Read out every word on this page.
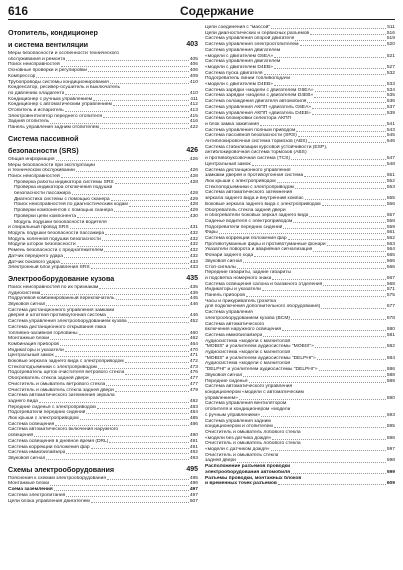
616	Содержание
Отопитель, кондиционер
и система вентиляции	403
Меры безопасности и особенности технического
обслуживания и ремонта	405
Поиск неисправностей	406
Основные проверки и регулировки	406
Компрессор	409
Трубопроводы системы кондиционирования	410
Конденсатор, ресивер-осушитель и выключатель
по давлению хладагента	410
Кондиционер с ручным управлением	411
Кондиционер с автоматическим управлением	412
Отопитель и испаритель	413
Электровентилятор переднего отопителя	415
Задний отопитель	416
Панель управления задним отопителем	422
Система пассивной
безопасности (SRS)	426
Общая информация	426
Меры безопасности при эксплуатации
и техническом обслуживании	426
Поиск неисправностей	428
Проверка работы индикатора системы SRS	428
Проверка индикатора отключения подушки
безопасности пассажира	428
Диагностика системы с помощью сканера	429
Поиск неисправностей по диагностическим кодам	428
Проверки компонентов с помощью сканера	429
Проверки цепи компонента	430
Модуль подушки безопасности водителя
и спиральный провод SRS	431
Модуль подушки безопасности пассажира	432
Модуль коленной подушки безопасности	432
Модули шторок безопасности	432
Ремень безопасности с преднатяжителем	432
Датчик переднего удара	432
Датчик бокового удара	433
Электронный блок управления SRS	433
Электрооборудование кузова	435
Поиск неисправностей по их признакам	435
Аудиосистема	439
Подрулевой комбинированный переключатель	445
Звуковой сигнал	446
Система дистанционного управления замками
дверей и штатная противоугонная система	446
Система управления электрооборудованием кузова	452
Система дистанционного открывания люка
топливно-заливной горловины	460
Монтажные блоки	462
Комбинация приборов	464
Индикаторы и указатели	470
Центральный замок	471
Боковые зеркала заднего вида с электроприводом	472
Стеклоподъемники с электроприводом	473
Подогреватель щеток очистителя ветрового стекла	476
Обогреватель стекла задней двери	477
Очиститель и омыватель ветрового стекла	477
Очиститель и омыватель стекла задней двери	479
Система автоматического затемнения зеркала
заднего вида	482
Передние сиденья с электроприводом	483
Подогреватели передних сидений	484
Люк крыши с электроприводом	485
Система освещения	486
Система автоматического включения наружного
освещения	490
Система освещения в дневное время (DRL)	491
Система коррекции положения фар	491
Система иммобилайзера	492
Звуковой сигнал	493
Схемы электрооборудования	495
Пояснения к схемам электрооборудования	495
Монтажные блоки	496
Схема заземления	497
Система электропитания	497
Цепи блока управления двигателем	507
Цепи соединения с "массой"	511
Цепи диагностических и сервисных разъемов	516
Система управления опорой двигателя	519
Система управления электроотопителем	520
Система управления двигателем
«модели с двигателем G6EA»	521
Система управления двигателем
«модели с двигателем D4EB»	527
Система пуска двигателя	532
Подогреватель линии топливоподачи
«модели с двигателем D4EB»	533
Система зарядки «модели с двигателем G6EA»	534
Система зарядки «модели с двигателем D4EB»	535
Система охлаждения двигателя автомобиля	536
Система управления АКПП «двигатель G6EA»	537
Система управления АКПП «двигатель D4EB»	539
Система блокировки селектора АКПП
и блок замка зажигания	541
Система управления полным приводом	543
Система пассивной безопасности (SRS)	545
Антиблокировочная система тормозов (ABS)	546
Система стабилизации курсовой устойчивости (ESP),
антиблокировочная система тормозов (ABS)
и противобуксовочная система (TCS)	547
Центральный замок	548
Система дистанционного управления
замками дверей и противоугонная система	551
Люк крыши с электроприводом	552
Стеклоподъемники с электроприводом	553
Система автоматического затемнения
зеркала заднего вида и внутренний компас	555
Боковые зеркала заднего вида с электроприводом	556
Обогреватель стекла задней двери
и обогреватели боковых зеркал заднего вида	557
Сиденье водителя с электроприводом	558
Подогреватели передних сидений	559
Фары	561
Система коррекции положения фар	562
Противотуманные фары и противотуманные фонари	563
Указатели поворота и аварийная сигнализация	564
Фонари заднего хода	565
Звуковой сигнал	566
Стоп-сигналы	566
Передние габариты, задние габариты
и подсветка номерного знака	567
Система освещения салона и багажного отделения	568
Индикаторы и указатели	571
Панель приборов	575
Часы и прикуриватель (розетка
для подключения дополнительного оборудования)	577
Система управления
электрооборудованием кузова (BCM)	578
Система автоматического
включения наружного освещения	580
Система иммобилайзера	581
Аудиосистема «модели с магнитолой
"MOBIS" и усилителем аудиосистемы "MOBIS"»	582
Аудиосистема «модели с магнитолой
"MOBIS" и усилителем аудиосистемы "DELPHI"»	584
Аудиосистема «модели с магнитолой
"DELPHI" и усилителем аудиосистемы "DELPHI"»	586
Звуковой сигнал	588
Передние сиденья	589
Система автоматического управления
кондиционером «модели с автоматическим
управлением»	590
Система управления вентилятором
отопителя и кондиционером «модели
с ручным управлением»	593
Система управления задним
кондиционером и отопителем	595
Очиститель и омыватель лобового стекла
«модели без датчика дождя»	596
Очиститель и омыватель лобового стекла
«модели с датчиком дождя»	597
Очиститель и омыватель стекла
задней двери	598
Расположение разъемов проводки
электрооборудования автомобиля	599
Разъемы проводки, монтажных блоков
и временных точек разъемов	609
